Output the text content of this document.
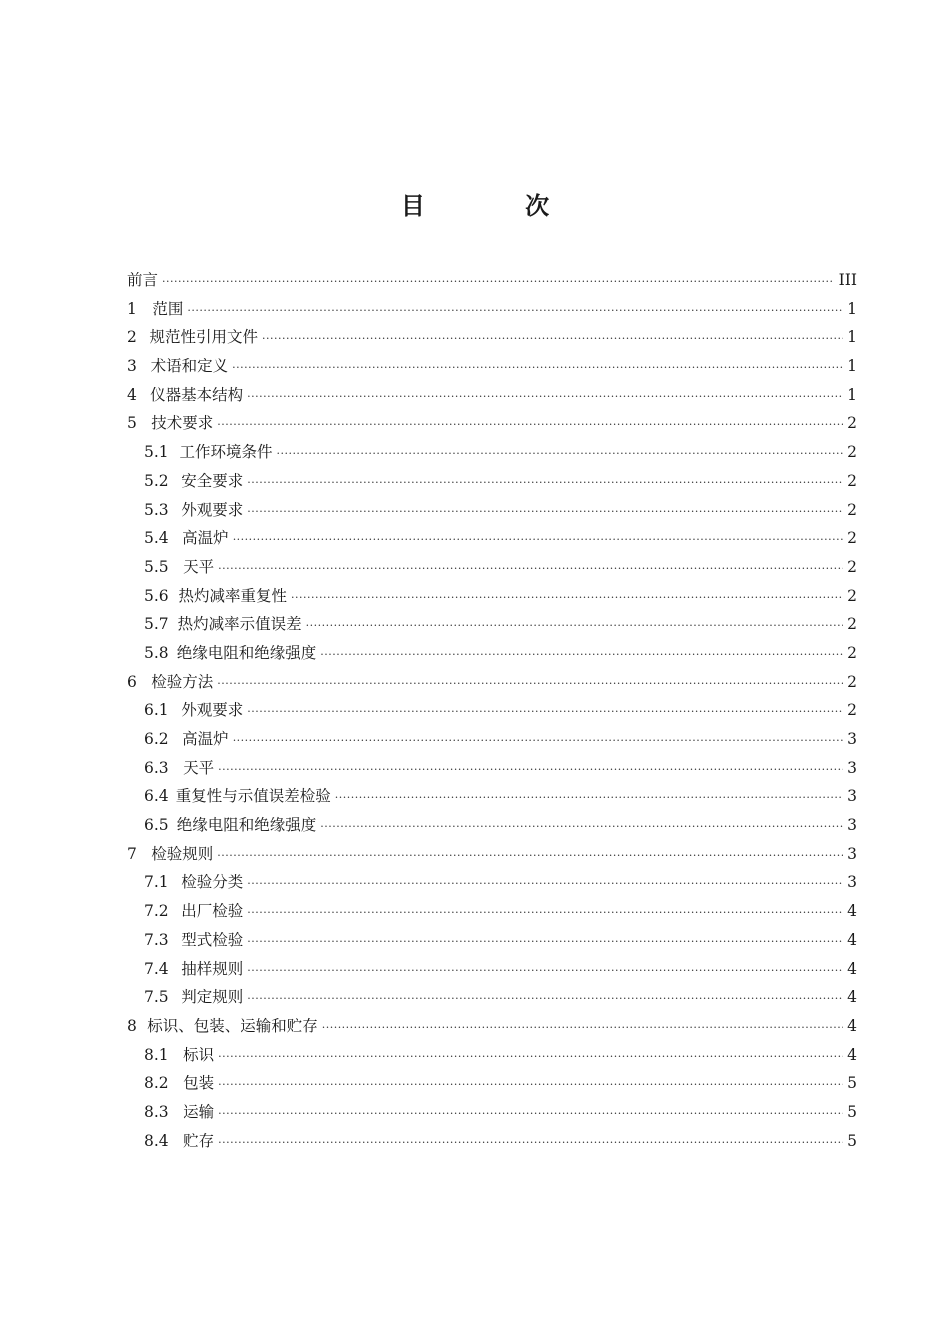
目 次
前言 ·····	III
1	范围 ·····	1
2 规范性引用文件 ·····	1
3 术语和定义 ·····	1
4 仪器基本结构 ·····	1
5 技术要求 ·····	2
5.1 工作环境条件 ·····	2
5.2 安全要求 ·····	2
5.3 外观要求 ·····	2
5.4 高温炉 ·····	2
5.5 天平 ·····	2
5.6 热灼减率重复性 ·····	2
5.7 热灼减率示值误差 ·····	2
5.8 绝缘电阻和绝缘强度 ·····	2
6 检验方法 ·····	2
6.1 外观要求 ·····	2
6.2 高温炉 ·····	3
6.3 天平 ·····	3
6.4 重复性与示值误差检验 ·····	3
6.5 绝缘电阻和绝缘强度 ·····	3
7 检验规则 ·····	3
7.1 检验分类 ·····	3
7.2 出厂检验 ·····	4
7.3 型式检验 ·····	4
7.4 抽样规则 ·····	4
7.5 判定规则 ·····	4
8 标识、包装、运输和贮存 ·····	4
8.1 标识 ·····	4
8.2 包装 ·····	5
8.3 运输 ·····	5
8.4 贮存 ·····	5
